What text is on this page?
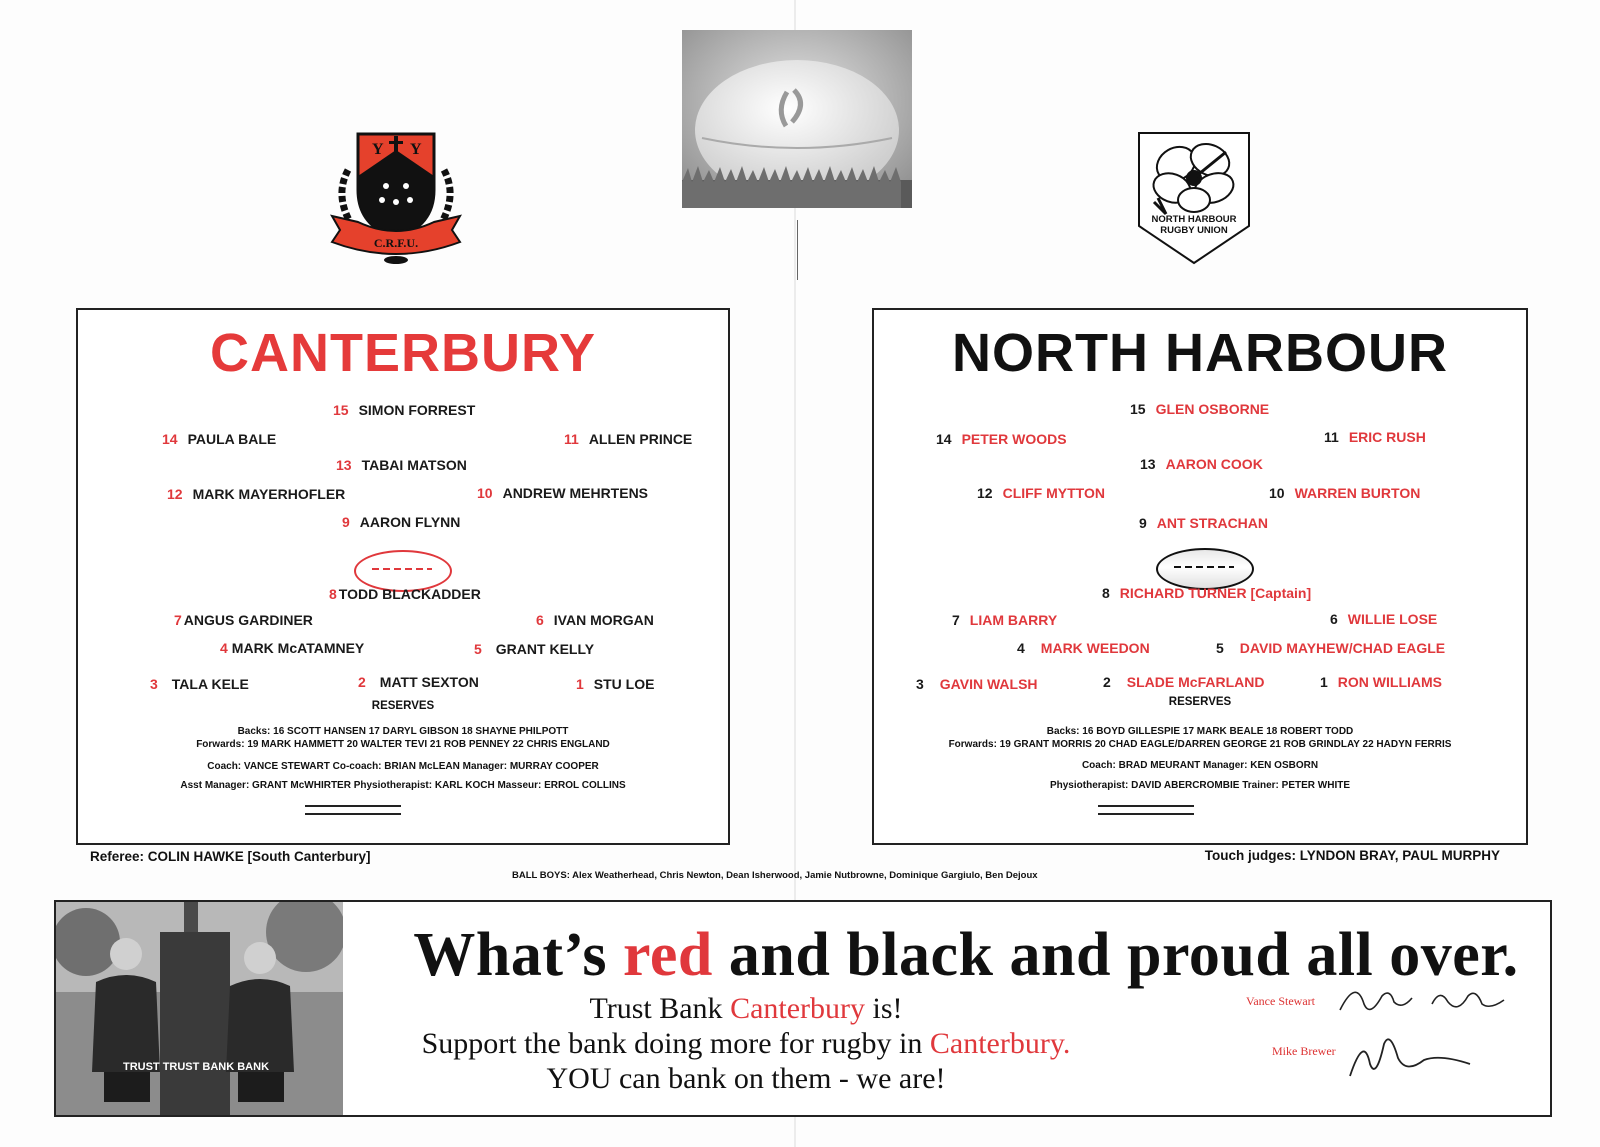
Y Y
C.R.F.U.
NORTH HARBOUR
RUGBY UNION
CANTERBURY
15 SIMON FORREST
14 PAULA BALE	11 ALLEN PRINCE
13 TABAI MATSON
12 MARK MAYERHOFLER	10 ANDREW MEHRTENS
9 AARON FLYNN
8 TODD BLACKADDER
7 ANGUS GARDINER	6 IVAN MORGAN
4 MARK McATAMNEY	5 GRANT KELLY
3 TALA KELE	2 MATT SEXTON	1 STU LOE
RESERVES
Backs: 16 SCOTT HANSEN 17 DARYL GIBSON 18 SHAYNE PHILPOTT
Forwards: 19 MARK HAMMETT 20 WALTER TEVI 21 ROB PENNEY 22 CHRIS ENGLAND
Coach: VANCE STEWART Co-coach: BRIAN McLEAN Manager: MURRAY COOPER
Asst Manager: GRANT McWHIRTER Physiotherapist: KARL KOCH Masseur: ERROL COLLINS
NORTH HARBOUR
15 GLEN OSBORNE
14 PETER WOODS	11 ERIC RUSH
13 AARON COOK
12 CLIFF MYTTON	10 WARREN BURTON
9 ANT STRACHAN
8 RICHARD TURNER [Captain]
7 LIAM BARRY	6 WILLIE LOSE
4 MARK WEEDON	5 DAVID MAYHEW/CHAD EAGLE
3 GAVIN WALSH	2 SLADE McFARLAND	1 RON WILLIAMS
RESERVES
Backs: 16 BOYD GILLESPIE 17 MARK BEALE 18 ROBERT TODD
Forwards: 19 GRANT MORRIS 20 CHAD EAGLE/DARREN GEORGE 21 ROB GRINDLAY 22 HADYN FERRIS
Coach: BRAD MEURANT Manager: KEN OSBORN
Physiotherapist: DAVID ABERCROMBIE Trainer: PETER WHITE
Referee: COLIN HAWKE [South Canterbury]	Touch judges: LYNDON BRAY, PAUL MURPHY
BALL BOYS: Alex Weatherhead, Chris Newton, Dean Isherwood, Jamie Nutbrowne, Dominique Gargiulo, Ben Dejoux
TRUST TRUST BANK BANK
What’s red and black and proud all over.
Trust Bank Canterbury is!
Support the bank doing more for rugby in Canterbury.
YOU can bank on them - we are!
Vance Stewart
Mike Brewer
